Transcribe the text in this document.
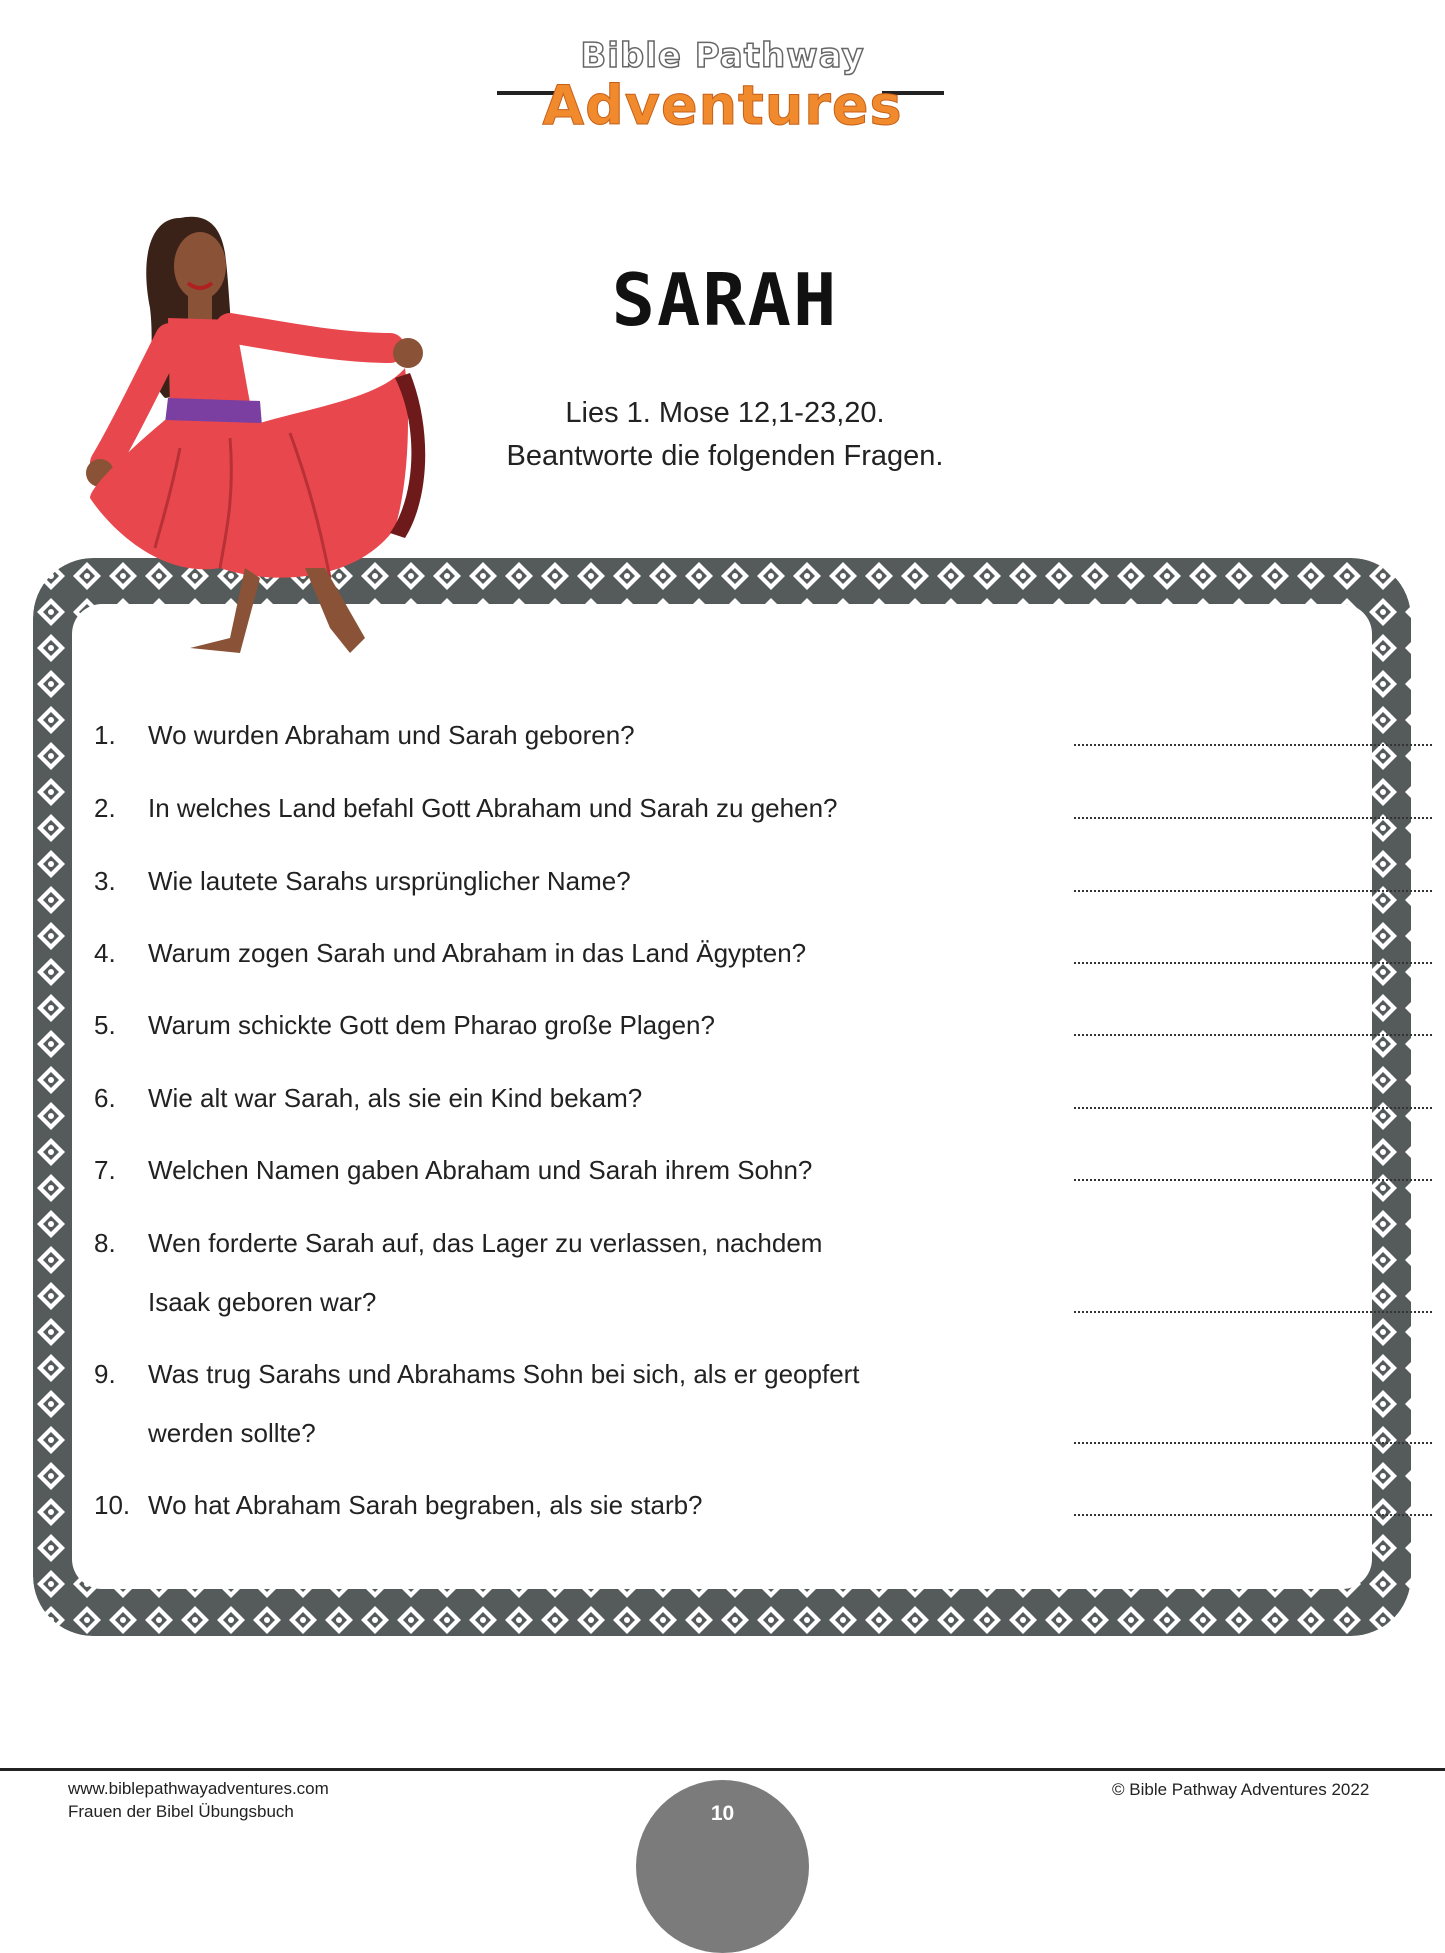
Bible Pathway
Adventures
SARAH
Lies 1. Mose 12,1-23,20.
Beantworte die folgenden Fragen.
1. Wo wurden Abraham und Sarah geboren?
2. In welches Land befahl Gott Abraham und Sarah zu gehen?
3. Wie lautete Sarahs ursprünglicher Name?
4. Warum zogen Sarah und Abraham in das Land Ägypten?
5. Warum schickte Gott dem Pharao große Plagen?
6. Wie alt war Sarah, als sie ein Kind bekam?
7. Welchen Namen gaben Abraham und Sarah ihrem Sohn?
8. Wen forderte Sarah auf, das Lager zu verlassen, nachdem
Isaak geboren war?
9. Was trug Sarahs und Abrahams Sohn bei sich, als er geopfert
werden sollte?
10. Wo hat Abraham Sarah begraben, als sie starb?
www.biblepathwayadventures.com
Frauen der Bibel Übungsbuch
© Bible Pathway Adventures 2022
10
